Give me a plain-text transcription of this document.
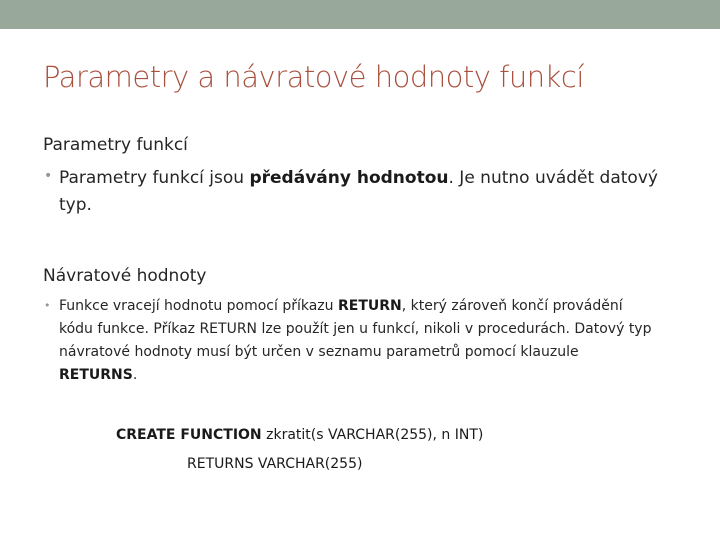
Parametry a návratové hodnoty funkcí
Parametry funkcí
• Parametry funkcí jsou předávány hodnotou. Je nutno uvádět datový typ.
Návratové hodnoty
• Funkce vracejí hodnotu pomocí příkazu RETURN, který zároveň končí provádění kódu funkce. Příkaz RETURN lze použít jen u funkcí, nikoli v procedurách. Datový typ návratové hodnoty musí být určen v seznamu parametrů pomocí klauzule RETURNS.
CREATE FUNCTION zkratit(s VARCHAR(255), n INT)
RETURNS VARCHAR(255)
